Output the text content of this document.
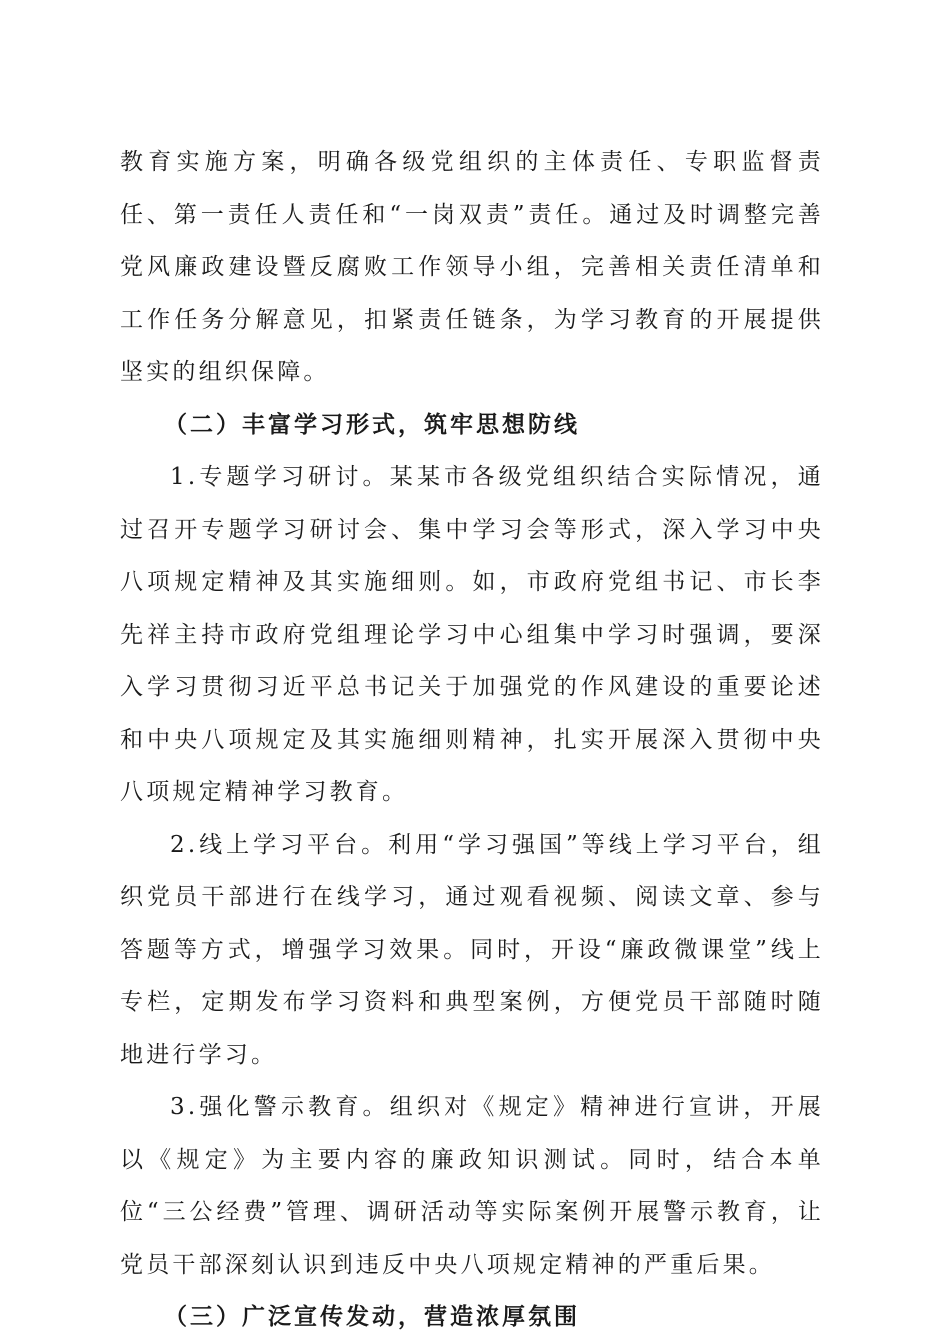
教育实施方案，明确各级党组织的主体责任、专职监督责任、第一责任人责任和“一岗双责”责任。通过及时调整完善党风廉政建设暨反腐败工作领导小组，完善相关责任清单和工作任务分解意见，扣紧责任链条，为学习教育的开展提供坚实的组织保障。

（二）丰富学习形式，筑牢思想防线

1.专题学习研讨。某某市各级党组织结合实际情况，通过召开专题学习研讨会、集中学习会等形式，深入学习中央八项规定精神及其实施细则。如，市政府党组书记、市长李先祥主持市政府党组理论学习中心组集中学习时强调，要深入学习贯彻习近平总书记关于加强党的作风建设的重要论述和中央八项规定及其实施细则精神，扎实开展深入贯彻中央八项规定精神学习教育。

2.线上学习平台。利用“学习强国”等线上学习平台，组织党员干部进行在线学习，通过观看视频、阅读文章、参与答题等方式，增强学习效果。同时，开设“廉政微课堂”线上专栏，定期发布学习资料和典型案例，方便党员干部随时随地进行学习。

3.强化警示教育。组织对《规定》精神进行宣讲，开展以《规定》为主要内容的廉政知识测试。同时，结合本单位“三公经费”管理、调研活动等实际案例开展警示教育，让党员干部深刻认识到违反中央八项规定精神的严重后果。

（三）广泛宣传发动，营造浓厚氛围
